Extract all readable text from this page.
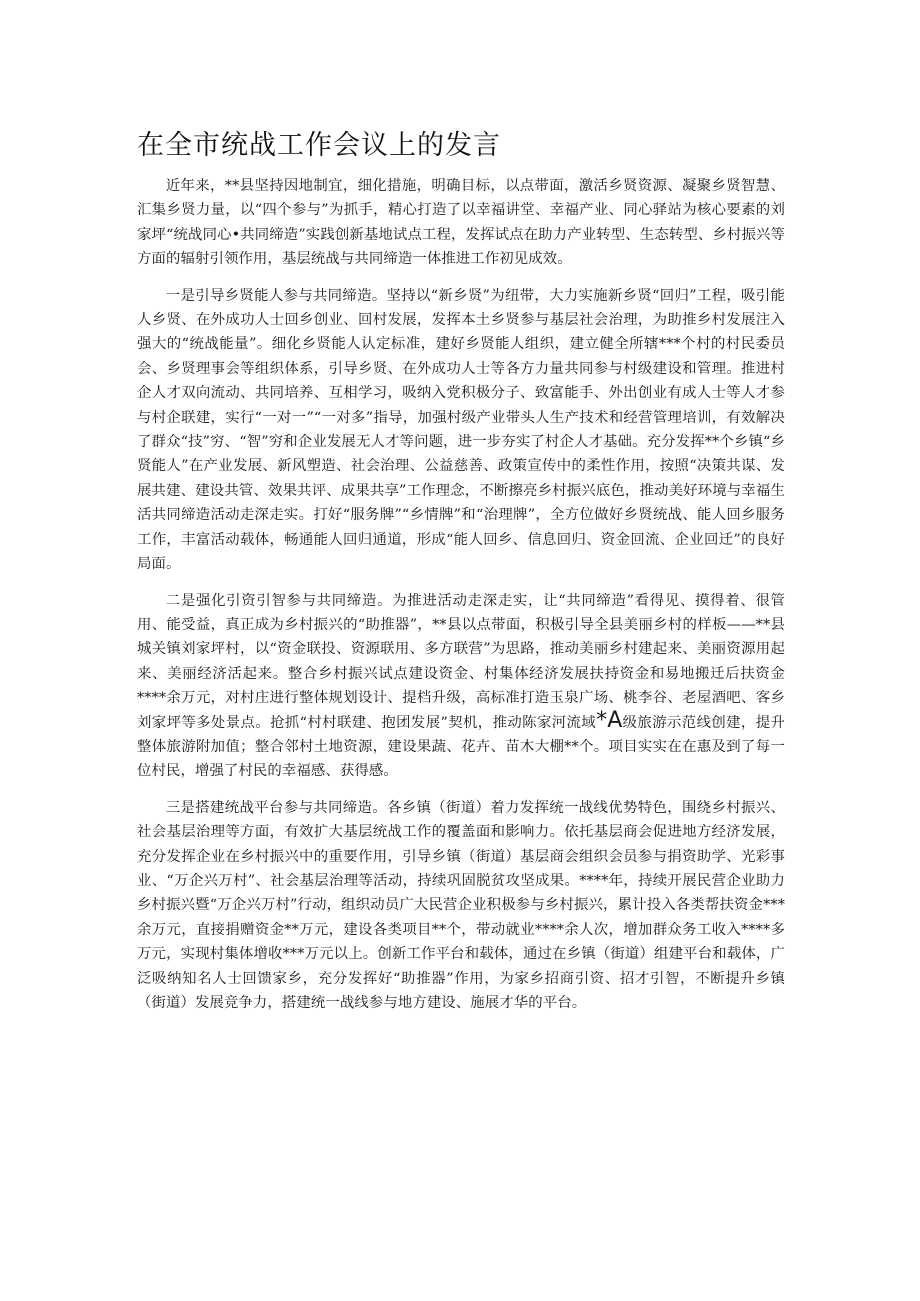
在全市统战工作会议上的发言

近年来，**县坚持因地制宜，细化措施，明确目标，以点带面，激活乡贤资源、凝聚乡贤智慧、汇集乡贤力量，以“四个参与”为抓手，精心打造了以幸福讲堂、幸福产业、同心驿站为核心要素的刘家坪“统战同心•共同缔造”实践创新基地试点工程，发挥试点在助力产业转型、生态转型、乡村振兴等方面的辐射引领作用，基层统战与共同缔造一体推进工作初见成效。

一是引导乡贤能人参与共同缔造。坚持以“新乡贤”为纽带，大力实施新乡贤“回归”工程，吸引能人乡贤、在外成功人士回乡创业、回村发展，发挥本土乡贤参与基层社会治理，为助推乡村发展注入强大的“统战能量”。细化乡贤能人认定标准，建好乡贤能人组织，建立健全所辖***个村的村民委员会、乡贤理事会等组织体系，引导乡贤、在外成功人士等各方力量共同参与村级建设和管理。推进村企人才双向流动、共同培养、互相学习，吸纳入党积极分子、致富能手、外出创业有成人士等人才参与村企联建，实行“一对一”“一对多”指导，加强村级产业带头人生产技术和经营管理培训，有效解决了群众“技”穷、“智”穷和企业发展无人才等问题，进一步夯实了村企人才基础。充分发挥**个乡镇“乡贤能人”在产业发展、新风塑造、社会治理、公益慈善、政策宣传中的柔性作用，按照“决策共谋、发展共建、建设共管、效果共评、成果共享”工作理念，不断擦亮乡村振兴底色，推动美好环境与幸福生活共同缔造活动走深走实。打好“服务牌”“乡情牌”和“治理牌”，全方位做好乡贤统战、能人回乡服务工作，丰富活动载体，畅通能人回归通道，形成“能人回乡、信息回归、资金回流、企业回迁”的良好局面。

二是强化引资引智参与共同缔造。为推进活动走深走实，让“共同缔造”看得见、摸得着、很管用、能受益，真正成为乡村振兴的“助推器”，**县以点带面，积极引导全县美丽乡村的样板——**县城关镇刘家坪村，以“资金联投、资源联用、多方联营”为思路，推动美丽乡村建起来、美丽资源用起来、美丽经济活起来。整合乡村振兴试点建设资金、村集体经济发展扶持资金和易地搬迁后扶资金****余万元，对村庄进行整体规划设计、提档升级，高标准打造玉泉广场、桃李谷、老屋酒吧、客乡刘家坪等多处景点。抢抓“村村联建、抱团发展”契机，推动陈家河流域*A级旅游示范线创建，提升整体旅游附加值；整合邻村土地资源，建设果蔬、花卉、苗木大棚**个。项目实实在在惠及到了每一位村民，增强了村民的幸福感、获得感。

三是搭建统战平台参与共同缔造。各乡镇（街道）着力发挥统一战线优势特色，围绕乡村振兴、社会基层治理等方面，有效扩大基层统战工作的覆盖面和影响力。依托基层商会促进地方经济发展，充分发挥企业在乡村振兴中的重要作用，引导乡镇（街道）基层商会组织会员参与捐资助学、光彩事业、“万企兴万村”、社会基层治理等活动，持续巩固脱贫攻坚成果。****年，持续开展民营企业助力乡村振兴暨“万企兴万村”行动，组织动员广大民营企业积极参与乡村振兴，累计投入各类帮扶资金***余万元，直接捐赠资金**万元，建设各类项目**个，带动就业****余人次，增加群众务工收入****多万元，实现村集体增收***万元以上。创新工作平台和载体，通过在乡镇（街道）组建平台和载体，广泛吸纳知名人士回馈家乡，充分发挥好“助推器”作用，为家乡招商引资、招才引智，不断提升乡镇（街道）发展竞争力，搭建统一战线参与地方建设、施展才华的平台。
